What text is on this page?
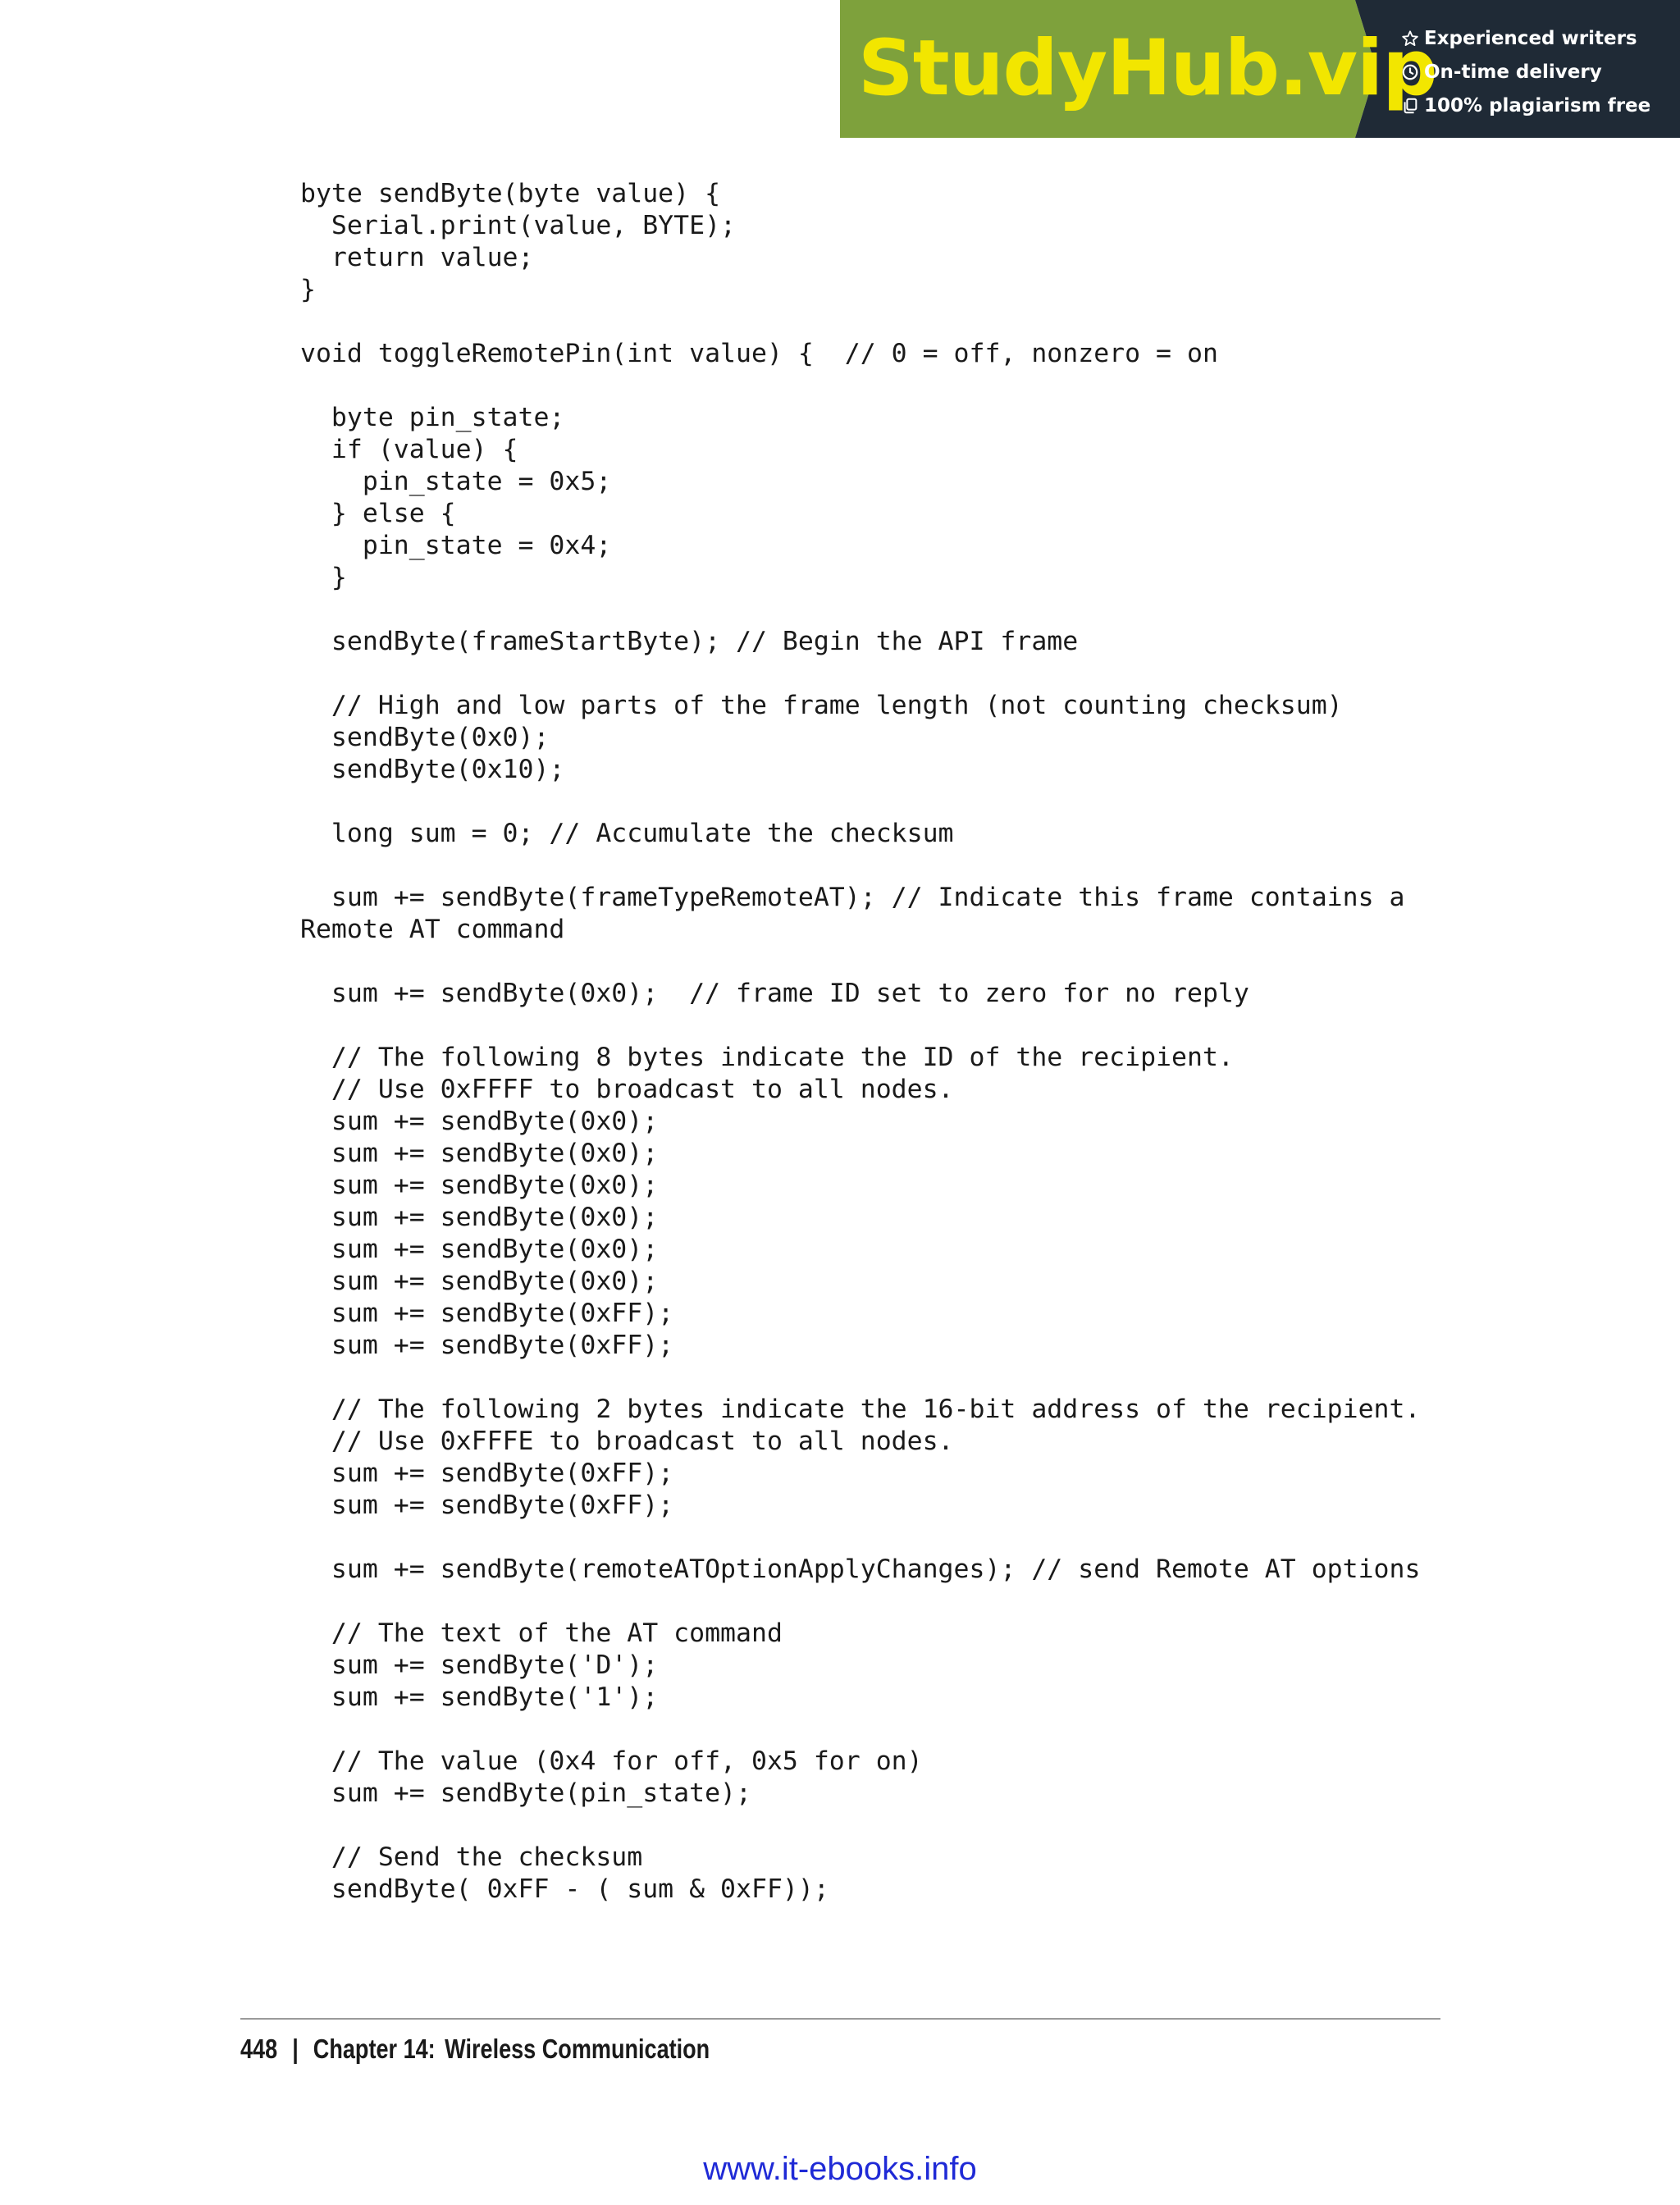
StudyHub.vip
Experienced writers
On-time delivery
100% plagiarism free
byte sendByte(byte value) {
Serial.print(value, BYTE);
return value;
}
void toggleRemotePin(int value) {  // 0 = off, nonzero = on
byte pin_state;
if (value) {
pin_state = 0x5;
} else {
pin_state = 0x4;
}
sendByte(frameStartByte); // Begin the API frame
// High and low parts of the frame length (not counting checksum)
sendByte(0x0);
sendByte(0x10);
long sum = 0; // Accumulate the checksum
sum += sendByte(frameTypeRemoteAT); // Indicate this frame contains a
Remote AT command
sum += sendByte(0x0);  // frame ID set to zero for no reply
// The following 8 bytes indicate the ID of the recipient.
// Use 0xFFFF to broadcast to all nodes.
sum += sendByte(0x0);
sum += sendByte(0x0);
sum += sendByte(0x0);
sum += sendByte(0x0);
sum += sendByte(0x0);
sum += sendByte(0x0);
sum += sendByte(0xFF);
sum += sendByte(0xFF);
// The following 2 bytes indicate the 16-bit address of the recipient.
// Use 0xFFFE to broadcast to all nodes.
sum += sendByte(0xFF);
sum += sendByte(0xFF);
sum += sendByte(remoteATOptionApplyChanges); // send Remote AT options
// The text of the AT command
sum += sendByte('D');
sum += sendByte('1');
// The value (0x4 for off, 0x5 for on)
sum += sendByte(pin_state);
// Send the checksum
sendByte( 0xFF - ( sum & 0xFF));
448 | Chapter 14: Wireless Communication
www.it-ebooks.info
